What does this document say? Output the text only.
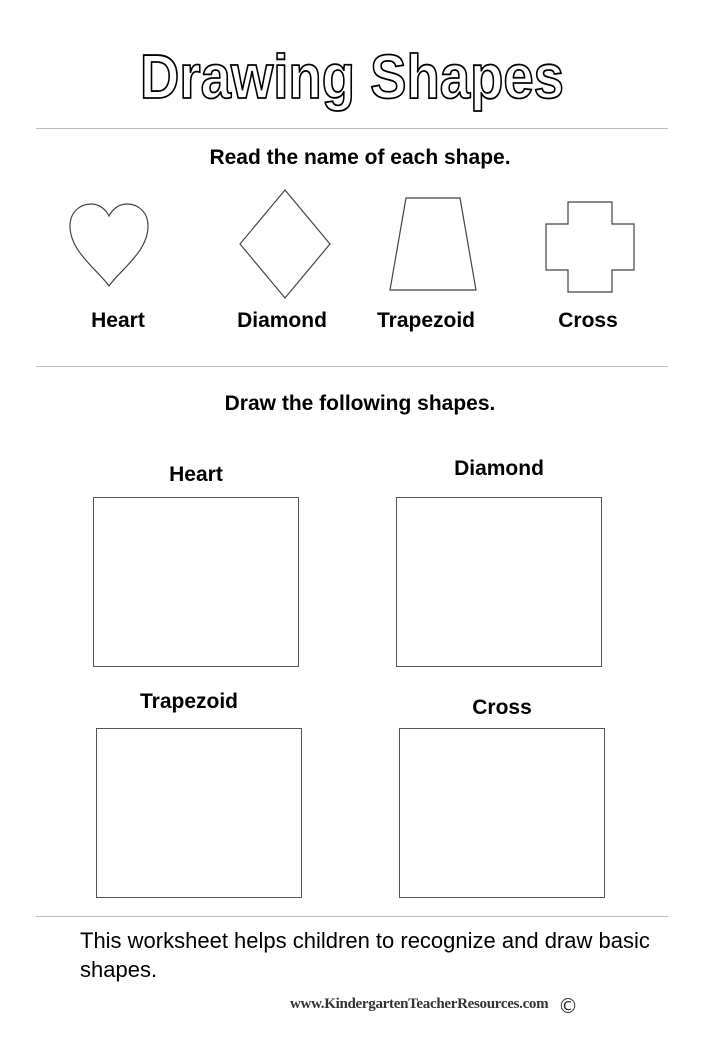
Drawing Shapes
Read the name of each shape.
Heart	Diamond	Trapezoid	Cross
Draw the following shapes.
Heart	Diamond
Trapezoid	Cross
This worksheet helps children to recognize and draw basic shapes.
www.KindergartenTeacherResources.com ©
